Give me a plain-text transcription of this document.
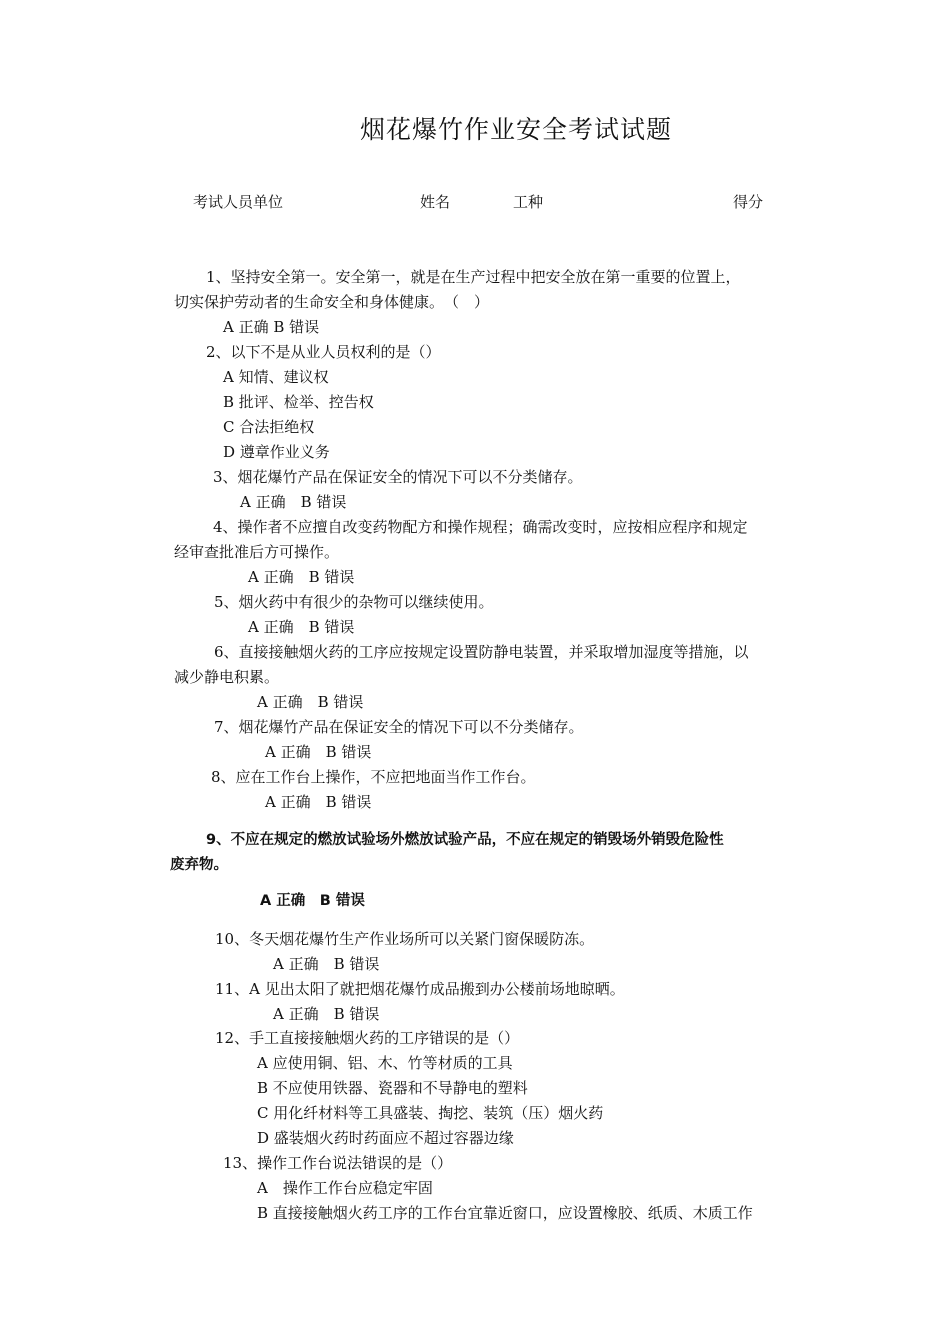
烟花爆竹作业安全考试试题
考试人员单位	姓名	工种	得分
1、坚持安全第一。安全第一，就是在生产过程中把安全放在第一重要的位置上，
切实保护劳动者的生命安全和身体健康。　（　）
A 正确 B 错误
2、以下不是从业人员权利的是（）
A 知情、建议权
B 批评、检举、控告权
C 合法拒绝权
D 遵章作业义务
3、烟花爆竹产品在保证安全的情况下可以不分类储存。
A 正确　B 错误
4、操作者不应擅自改变药物配方和操作规程；确需改变时，应按相应程序和规定
经审查批准后方可操作。
A 正确　B 错误
5、烟火药中有很少的杂物可以继续使用。
A 正确　B 错误
6、直接接触烟火药的工序应按规定设置防静电装置，并采取增加湿度等措施，以
减少静电积累。
A 正确　B 错误
7、烟花爆竹产品在保证安全的情况下可以不分类储存。
A 正确　B 错误
8、应在工作台上操作，不应把地面当作工作台。
A 正确　B 错误
9、不应在规定的燃放试验场外燃放试验产品，不应在规定的销毁场外销毁危险性
废弃物。
A 正确　B 错误
10、冬天烟花爆竹生产作业场所可以关紧门窗保暖防冻。
A 正确　B 错误
11、A 见出太阳了就把烟花爆竹成品搬到办公楼前场地晾晒。
A 正确　B 错误
12、手工直接接触烟火药的工序错误的是（）
A 应使用铜、铝、木、竹等材质的工具
B 不应使用铁器、瓷器和不导静电的塑料
C 用化纤材料等工具盛装、掏挖、装筑（压）烟火药
D 盛装烟火药时药面应不超过容器边缘
13、操作工作台说法错误的是（）
A　操作工作台应稳定牢固
B 直接接触烟火药工序的工作台宜靠近窗口，应设置橡胶、纸质、木质工作
